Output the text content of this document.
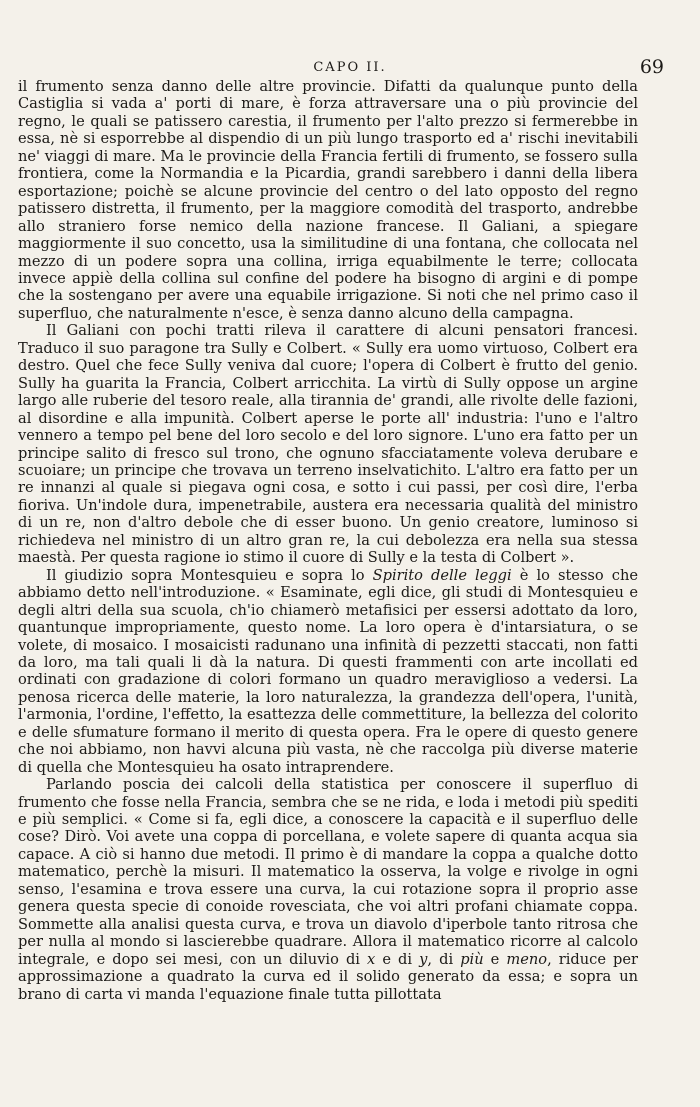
CAPO II.	69

il frumento senza danno delle altre provincie. Difatti da qualunque punto della Castiglia si vada a' porti di mare, è forza attraversare una o più provincie del regno, le quali se patissero carestia, il frumento per l'alto prezzo si fermerebbe in essa, nè si esporrebbe al dispendio di un più lungo trasporto ed a' rischi inevitabili ne' viaggi di mare. Ma le provincie della Francia fertili di frumento, se fossero sulla frontiera, come la Normandia e la Picardia, grandi sarebbero i danni della libera esportazione; poichè se alcune provincie del centro o del lato opposto del regno patissero distretta, il frumento, per la maggiore comodità del trasporto, andrebbe allo straniero forse nemico della nazione francese. Il Galiani, a spiegare maggiormente il suo concetto, usa la similitudine di una fontana, che collocata nel mezzo di un podere sopra una collina, irriga equabilmente le terre; collocata invece appiè della collina sul confine del podere ha bisogno di argini e di pompe che la sostengano per avere una equabile irrigazione. Si noti che nel primo caso il superfluo, che naturalmente n'esce, è senza danno alcuno della campagna.

Il Galiani con pochi tratti rileva il carattere di alcuni pensatori francesi. Traduco il suo paragone tra Sully e Colbert. « Sully era uomo virtuoso, Colbert era destro. Quel che fece Sully veniva dal cuore; l'opera di Colbert è frutto del genio. Sully ha guarita la Francia, Colbert arricchita. La virtù di Sully oppose un argine largo alle ruberie del tesoro reale, alla tirannia de' grandi, alle rivolte delle fazioni, al disordine e alla impunità. Colbert aperse le porte all' industria: l'uno e l'altro vennero a tempo pel bene del loro secolo e del loro signore. L'uno era fatto per un principe salito di fresco sul trono, che ognuno sfacciatamente voleva derubare e scuoiare; un principe che trovava un terreno inselvatichito. L'altro era fatto per un re innanzi al quale si piegava ogni cosa, e sotto i cui passi, per così dire, l'erba fioriva. Un'indole dura, impenetrabile, austera era necessaria qualità del ministro di un re, non d'altro debole che di esser buono. Un genio creatore, luminoso si richiedeva nel ministro di un altro gran re, la cui debolezza era nella sua stessa maestà. Per questa ragione io stimo il cuore di Sully e la testa di Colbert ».

Il giudizio sopra Montesquieu e sopra lo Spirito delle leggi è lo stesso che abbiamo detto nell'introduzione. « Esaminate, egli dice, gli studi di Montesquieu e degli altri della sua scuola, ch'io chiamerò metafisici per essersi adottato da loro, quantunque impropriamente, questo nome. La loro opera è d'intarsiatura, o se volete, di mosaico. I mosaicisti radunano una infinità di pezzetti staccati, non fatti da loro, ma tali quali li dà la natura. Di questi frammenti con arte incollati ed ordinati con gradazione di colori formano un quadro meraviglioso a vedersi. La penosa ricerca delle materie, la loro naturalezza, la grandezza dell'opera, l'unità, l'armonia, l'ordine, l'effetto, la esattezza delle commettiture, la bellezza del colorito e delle sfumature formano il merito di questa opera. Fra le opere di questo genere che noi abbiamo, non havvi alcuna più vasta, nè che raccolga più diverse materie di quella che Montesquieu ha osato intraprendere.

Parlando poscia dei calcoli della statistica per conoscere il superfluo di frumento che fosse nella Francia, sembra che se ne rida, e loda i metodi più spediti e più semplici. « Come si fa, egli dice, a conoscere la capacità e il superfluo delle cose? Dirò. Voi avete una coppa di porcellana, e volete sapere di quanta acqua sia capace. A ciò si hanno due metodi. Il primo è di mandare la coppa a qualche dotto matematico, perchè la misuri. Il matematico la osserva, la volge e rivolge in ogni senso, l'esamina e trova essere una curva, la cui rotazione sopra il proprio asse genera questa specie di conoide rovesciata, che voi altri profani chiamate coppa. Sommette alla analisi questa curva, e trova un diavolo d'iperbole tanto ritrosa che per nulla al mondo si lascierebbe quadrare. Allora il matematico ricorre al calcolo integrale, e dopo sei mesi, con un diluvio di x e di y, di più e meno, riduce per approssimazione a quadrato la curva ed il solido generato da essa; e sopra un brano di carta vi manda l'equazione finale tutta pillottata
